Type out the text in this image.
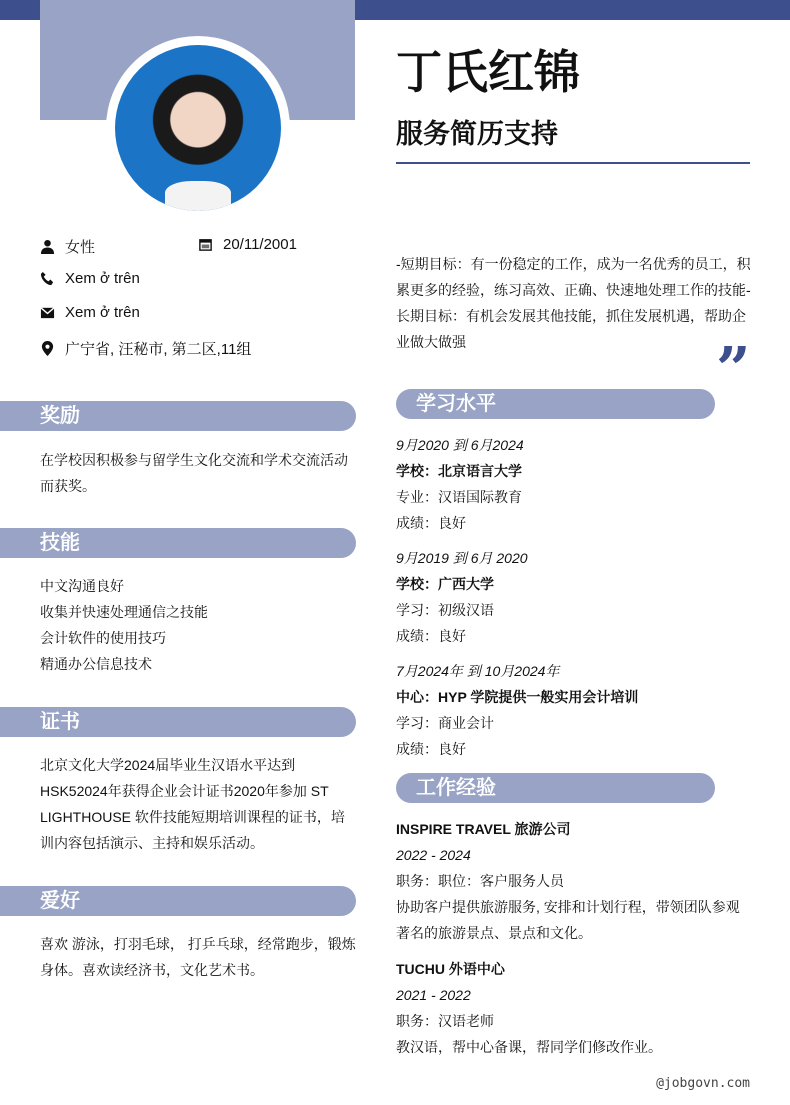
丁氏红锦
服务简历支持
女性	20/11/2001
Xem ở trên
Xem ở trên
广宁省, 汪秘市, 第二区,11组
奖励
在学校因积极参与留学生文化交流和学术交流活动而获奖。
技能
中文沟通良好
收集并快速处理通信之技能
会计软件的使用技巧
精通办公信息技术
证书
北京文化大学2024届毕业生汉语水平达到HSK52024年获得企业会计证书2020年参加 ST LIGHTHOUSE 软件技能短期培训课程的证书，培训内容包括演示、主持和娱乐活动。
爱好
喜欢 游泳，打羽毛球， 打乒乓球，经常跑步，锻炼身体。喜欢读经济书，文化艺术书。
-短期目标：有一份稳定的工作，成为一名优秀的员工，积累更多的经验，练习高效、正确、快速地处理工作的技能-长期目标：有机会发展其他技能，抓住发展机遇，帮助企业做大做强	”
学习水平
9月2020 到 6月2024
学校：北京语言大学
专业：汉语国际教育
成绩：良好
9月2019 到 6月 2020
学校：广西大学
学习：初级汉语
成绩：良好
7月2024年 到 10月2024年
中心：HYP 学院提供一般实用会计培训
学习：商业会计
成绩：良好
工作经验
INSPIRE TRAVEL 旅游公司
2022 - 2024
职务：职位：客户服务人员
协助客户提供旅游服务, 安排和计划行程，带领团队参观著名的旅游景点、景点和文化。
TUCHU 外语中心
2021 - 2022
职务：汉语老师
教汉语，帮中心备课，帮同学们修改作业。
@jobgovn.com
